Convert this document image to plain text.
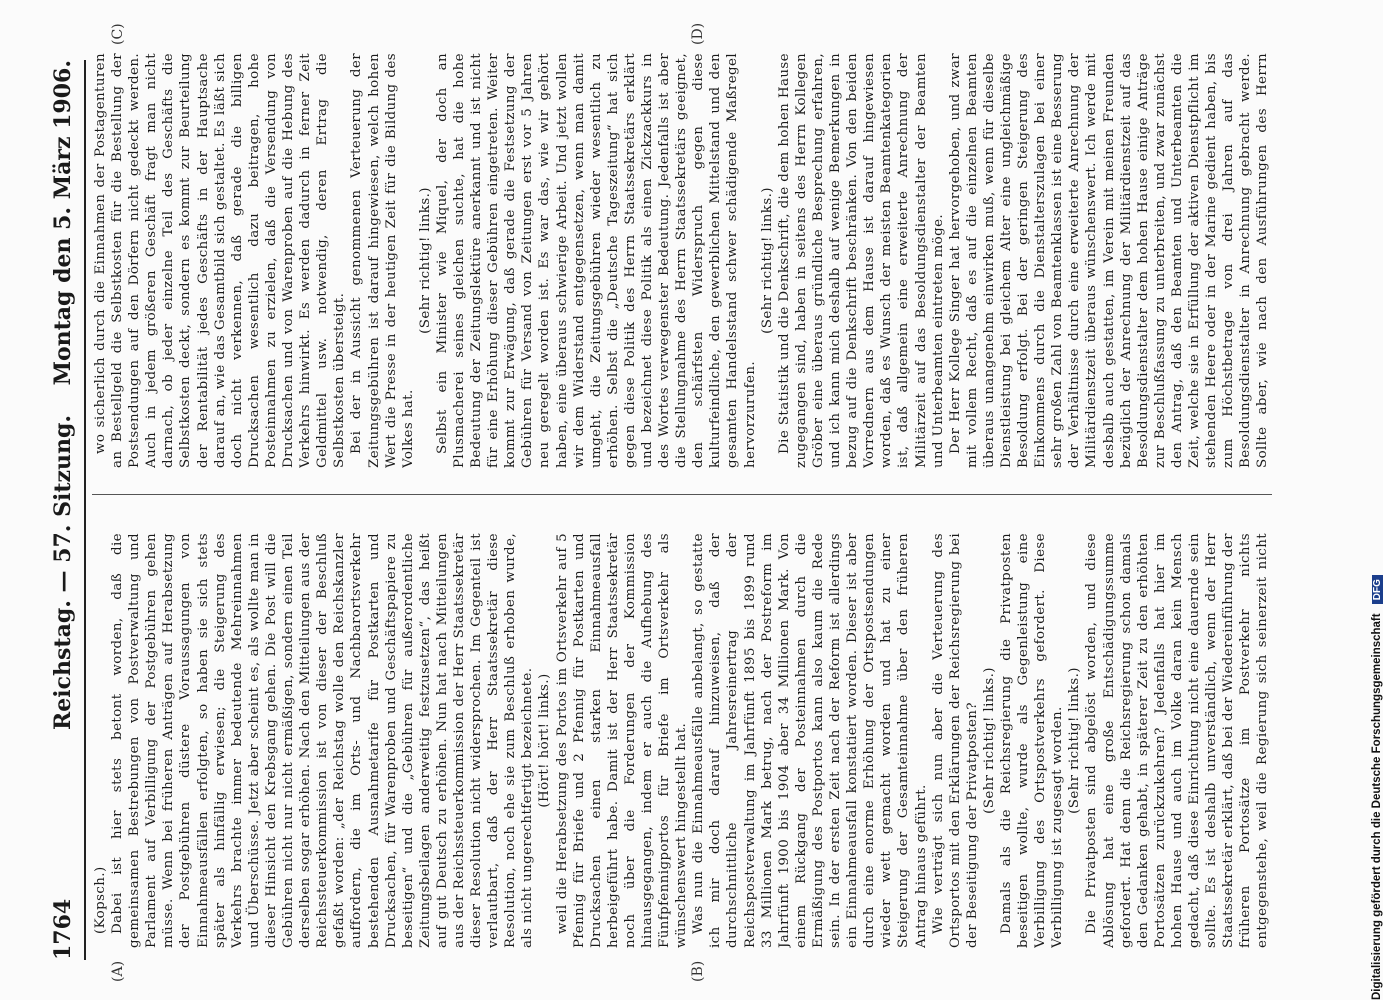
1764
Reichstag. — 57. Sitzung.
Montag den 5. März 1906.
(A)	(B)
(C)	(D)

(Kopsch.) Dabei ist hier stets betont worden, daß die gemeinsamen Bestrebungen von Postverwaltung und Parlament auf Verbilligung der Postgebühren gehen müsse. Wenn bei früheren Anträgen auf Herabsetzung der Postgebühren düstere Voraussagungen von Einnahmeausfällen erfolgten, so haben sie sich stets später als hinfällig erwiesen; die Steigerung des Verkehrs brachte immer bedeutende Mehreinnahmen und Überschüsse. Jetzt aber scheint es, als wollte man in dieser Hinsicht den Krebsgang gehen. Die Post will die Gebühren nicht nur nicht ermäßigen, sondern einen Teil derselben sogar erhöhen. Nach den Mitteilungen aus der Reichssteuerkommission ist von dieser der Beschluß gefaßt worden: „der Reichstag wolle den Reichskanzler auffordern, die im Orts- und Nachbarortsverkehr bestehenden Ausnahmetarife für Postkarten und Drucksachen, für Warenproben und Geschäftspapiere zu beseitigen“ und die „Gebühren für außerordentliche Zeitungsbeilagen anderweitig festzusetzen“, das heißt auf gut Deutsch zu erhöhen. Nun hat nach Mitteilungen aus der Reichssteuerkommission der Herr Staatssekretär dieser Resolution nicht widersprochen. Im Gegenteil ist verlautbart, daß der Herr Staatssekretär diese Resolution, noch ehe sie zum Beschluß erhoben wurde, als nicht ungerechtfertigt bezeichnete. (Hört! hört! links.) weil die Herabsetzung des Portos im Ortsverkehr auf 5 Pfennig für Briefe und 2 Pfennig für Postkarten und Drucksachen einen starken Einnahmeausfall herbeigeführt habe. Damit ist der Herr Staatssekretär noch über die Forderungen der Kommission hinausgegangen, indem er auch die Aufhebung des Fünfpfennigportos für Briefe im Ortsverkehr als wünschenswert hingestellt hat. Was nun die Einnahmeausfälle anbelangt, so gestatte ich mir doch darauf hinzuweisen, daß der durchschnittliche Jahresreinertrag der Reichspostverwaltung im Jahrfünft 1895 bis 1899 rund 33 Millionen Mark betrug, nach der Postreform im Jahrfünft 1900 bis 1904 aber 34 Millionen Mark. Von einem Rückgang der Posteinnahmen durch die Ermäßigung des Postportos kann also kaum die Rede sein. In der ersten Zeit nach der Reform ist allerdings ein Einnahmeausfall konstatiert worden. Dieser ist aber durch eine enorme Erhöhung der Ortspostsendungen wieder wett gemacht worden und hat zu einer Steigerung der Gesamteinnahme über den früheren Antrag hinaus geführt. Wie verträgt sich nun aber die Verteuerung des Ortsportos mit den Erklärungen der Reichsregierung bei der Beseitigung der Privatposten? (Sehr richtig! links.) Damals als die Reichsregierung die Privatposten beseitigen wollte, wurde als Gegenleistung eine Verbilligung des Ortspostverkehrs gefordert. Diese Verbilligung ist zugesagt worden. (Sehr richtig! links.)

Die Privatposten sind abgelöst worden, und diese Ablösung hat eine große Entschädigungssumme gefordert. Hat denn die Reichsregierung schon damals den Gedanken gehabt, in späterer Zeit zu den erhöhten Portosätzen zurückzukehren? Jedenfalls hat hier im hohen Hause und auch im Volke daran kein Mensch gedacht, daß diese Einrichtung nicht eine dauernde sein sollte. Es ist deshalb unverständlich, wenn der Herr Staatssekretär erklärt, daß bei der Wiedereinführung der früheren Portosätze im Postverkehr nichts entgegenstehe, weil die Regierung sich seinerzeit nicht

wo sicherlich durch die Einnahmen der Postagenturen an Bestellgeld die Selbstkosten für die Bestellung der Postsendungen auf den Dörfern nicht gedeckt werden. Auch in jedem größeren Geschäft fragt man nicht darnach, ob jeder einzelne Teil des Geschäfts die Selbstkosten deckt, sondern es kommt zur Beurteilung der Rentabilität jedes Geschäfts in der Hauptsache darauf an, wie das Gesamtbild sich gestaltet. Es läßt sich doch nicht verkennen, daß gerade die billigen Drucksachen wesentlich dazu beitragen, hohe Posteinnahmen zu erzielen, daß die Versendung von Drucksachen und von Warenproben auf die Hebung des Verkehrs hinwirkt. Es werden dadurch in ferner Zeit Geldmittel usw. notwendig, deren Ertrag die Selbstkosten übersteigt. Bei der in Aussicht genommenen Verteuerung der Zeitungsgebühren ist darauf hingewiesen, welch hohen Wert die Presse in der heutigen Zeit für die Bildung des Volkes hat.

(Sehr richtig! links.) Selbst ein Minister wie Miquel, der doch an Plusmacherei seines gleichen suchte, hat die hohe Bedeutung der Zeitungslektüre anerkannt und ist nicht für eine Erhöhung dieser Gebühren eingetreten. Weiter kommt zur Erwägung, daß gerade die Festsetzung der Gebühren für Versand von Zeitungen erst vor 5 Jahren neu geregelt worden ist. Es war das, wie wir gehört haben, eine überaus schwierige Arbeit. Und jetzt wollen wir dem Widerstand entgegensetzen, wenn man damit umgeht, die Zeitungsgebühren wieder wesentlich zu erhöhen. Selbst die „Deutsche Tageszeitung“ hat sich gegen diese Politik des Herrn Staatssekretärs erklärt und bezeichnet diese Politik als einen Zickzackkurs in des Wortes verwegenster Bedeutung. Jedenfalls ist aber die Stellungnahme des Herrn Staatssekretärs geeignet, den schärfsten Widerspruch gegen diese kulturfeindliche, den gewerblichen Mittelstand und den gesamten Handelsstand schwer schädigende Maßregel hervorzurufen.

(Sehr richtig! links.) Die Statistik und die Denkschrift, die dem hohen Hause zugegangen sind, haben in seitens des Herrn Kollegen Gröber eine überaus gründliche Besprechung erfahren, und ich kann mich deshalb auf wenige Bemerkungen in bezug auf die Denkschrift beschränken. Von den beiden Vorrednern aus dem Hause ist darauf hingewiesen worden, daß es Wunsch der meisten Beamtenkategorien ist, daß allgemein eine erweiterte Anrechnung der Militärzeit auf das Besoldungsdienstalter der Beamten und Unterbeamten eintreten möge. Der Herr Kollege Singer hat hervorgehoben, und zwar mit vollem Recht, daß es auf die einzelnen Beamten überaus unangenehm einwirken muß, wenn für dieselbe Dienstleistung bei gleichem Alter eine ungleichmäßige Besoldung erfolgt. Bei der geringen Steigerung des Einkommens durch die Dienstalterszulagen bei einer sehr großen Zahl von Beamtenklassen ist eine Besserung der Verhältnisse durch eine erweiterte Anrechnung der Militärdienstzeit überaus wünschenswert. Ich werde mit desbalb auch gestatten, im Verein mit meinen Freunden bezüglich der Anrechnung der Militärdienstzeit auf das Besoldungsdienstalter dem hohen Hause einige Anträge zur Beschlußfassung zu unterbreiten, und zwar zunächst den Antrag, daß den Beamten und Unterbeamten die Zeit, welche sie in Erfüllung der aktiven Dienstpflicht im stehenden Heere oder in der Marine gedient haben, bis zum Höchstbetrage von drei Jahren auf das Besoldungsdienstalter in Anrechnung gebracht werde. Sollte aber, wie nach den Ausführungen des Herrn

Digitalisierung gefördert durch die Deutsche Forschungsgemeinschaft DFG
